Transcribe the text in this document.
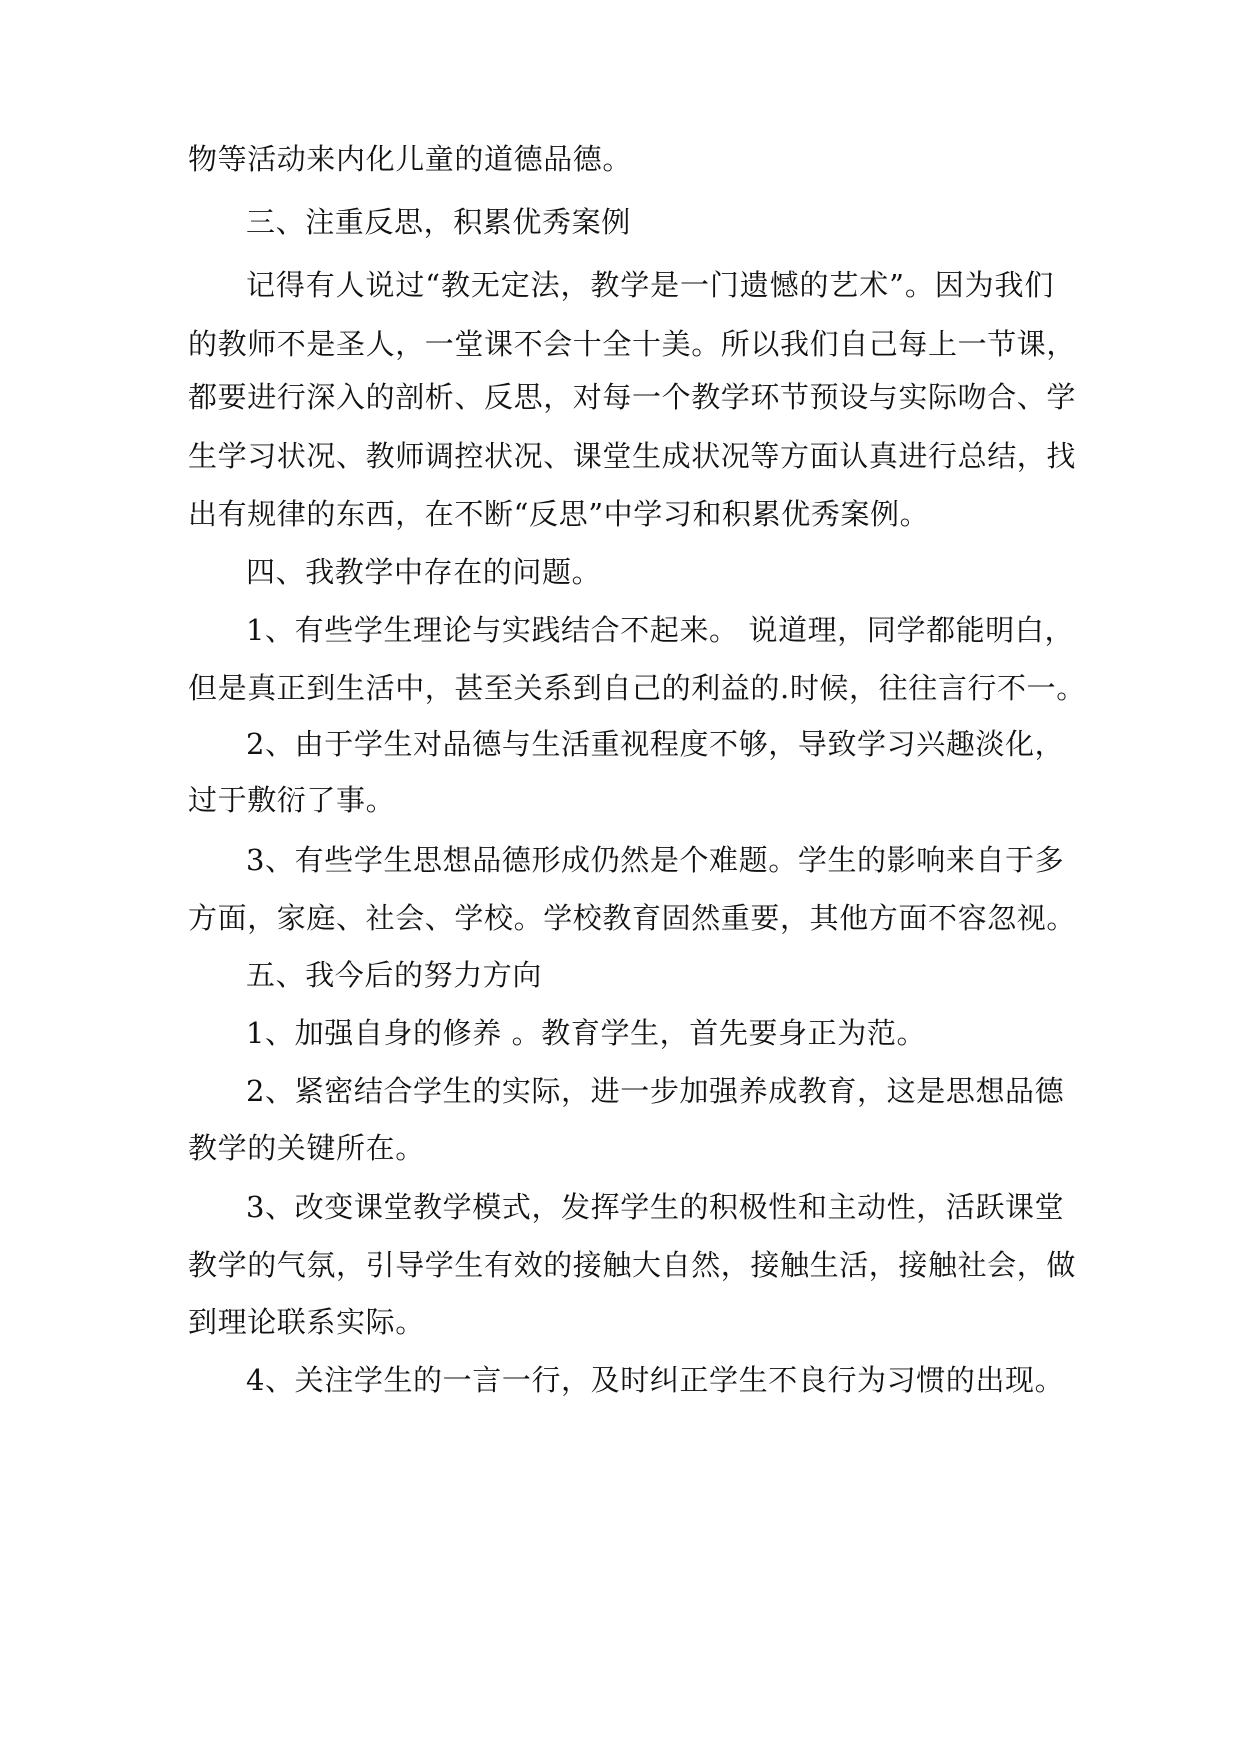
物等活动来内化儿童的道德品德。
三、注重反思，积累优秀案例
记得有人说过“教无定法，教学是一门遗憾的艺术”。因为我们
的教师不是圣人，一堂课不会十全十美。所以我们自己每上一节课，
都要进行深入的剖析、反思，对每一个教学环节预设与实际吻合、学
生学习状况、教师调控状况、课堂生成状况等方面认真进行总结，找
出有规律的东西，在不断“反思”中学习和积累优秀案例。
四、我教学中存在的问题。
1、有些学生理论与实践结合不起来。 说道理，同学都能明白，
但是真正到生活中，甚至关系到自己的利益的.时候，往往言行不一。
2、由于学生对品德与生活重视程度不够，导致学习兴趣淡化，
过于敷衍了事。
3、有些学生思想品德形成仍然是个难题。学生的影响来自于多
方面，家庭、社会、学校。学校教育固然重要，其他方面不容忽视。
五、我今后的努力方向
1、加强自身的修养 。教育学生，首先要身正为范。
2、紧密结合学生的实际，进一步加强养成教育，这是思想品德
教学的关键所在。
3、改变课堂教学模式，发挥学生的积极性和主动性，活跃课堂
教学的气氛，引导学生有效的接触大自然，接触生活，接触社会，做
到理论联系实际。
4、关注学生的一言一行，及时纠正学生不良行为习惯的出现。
